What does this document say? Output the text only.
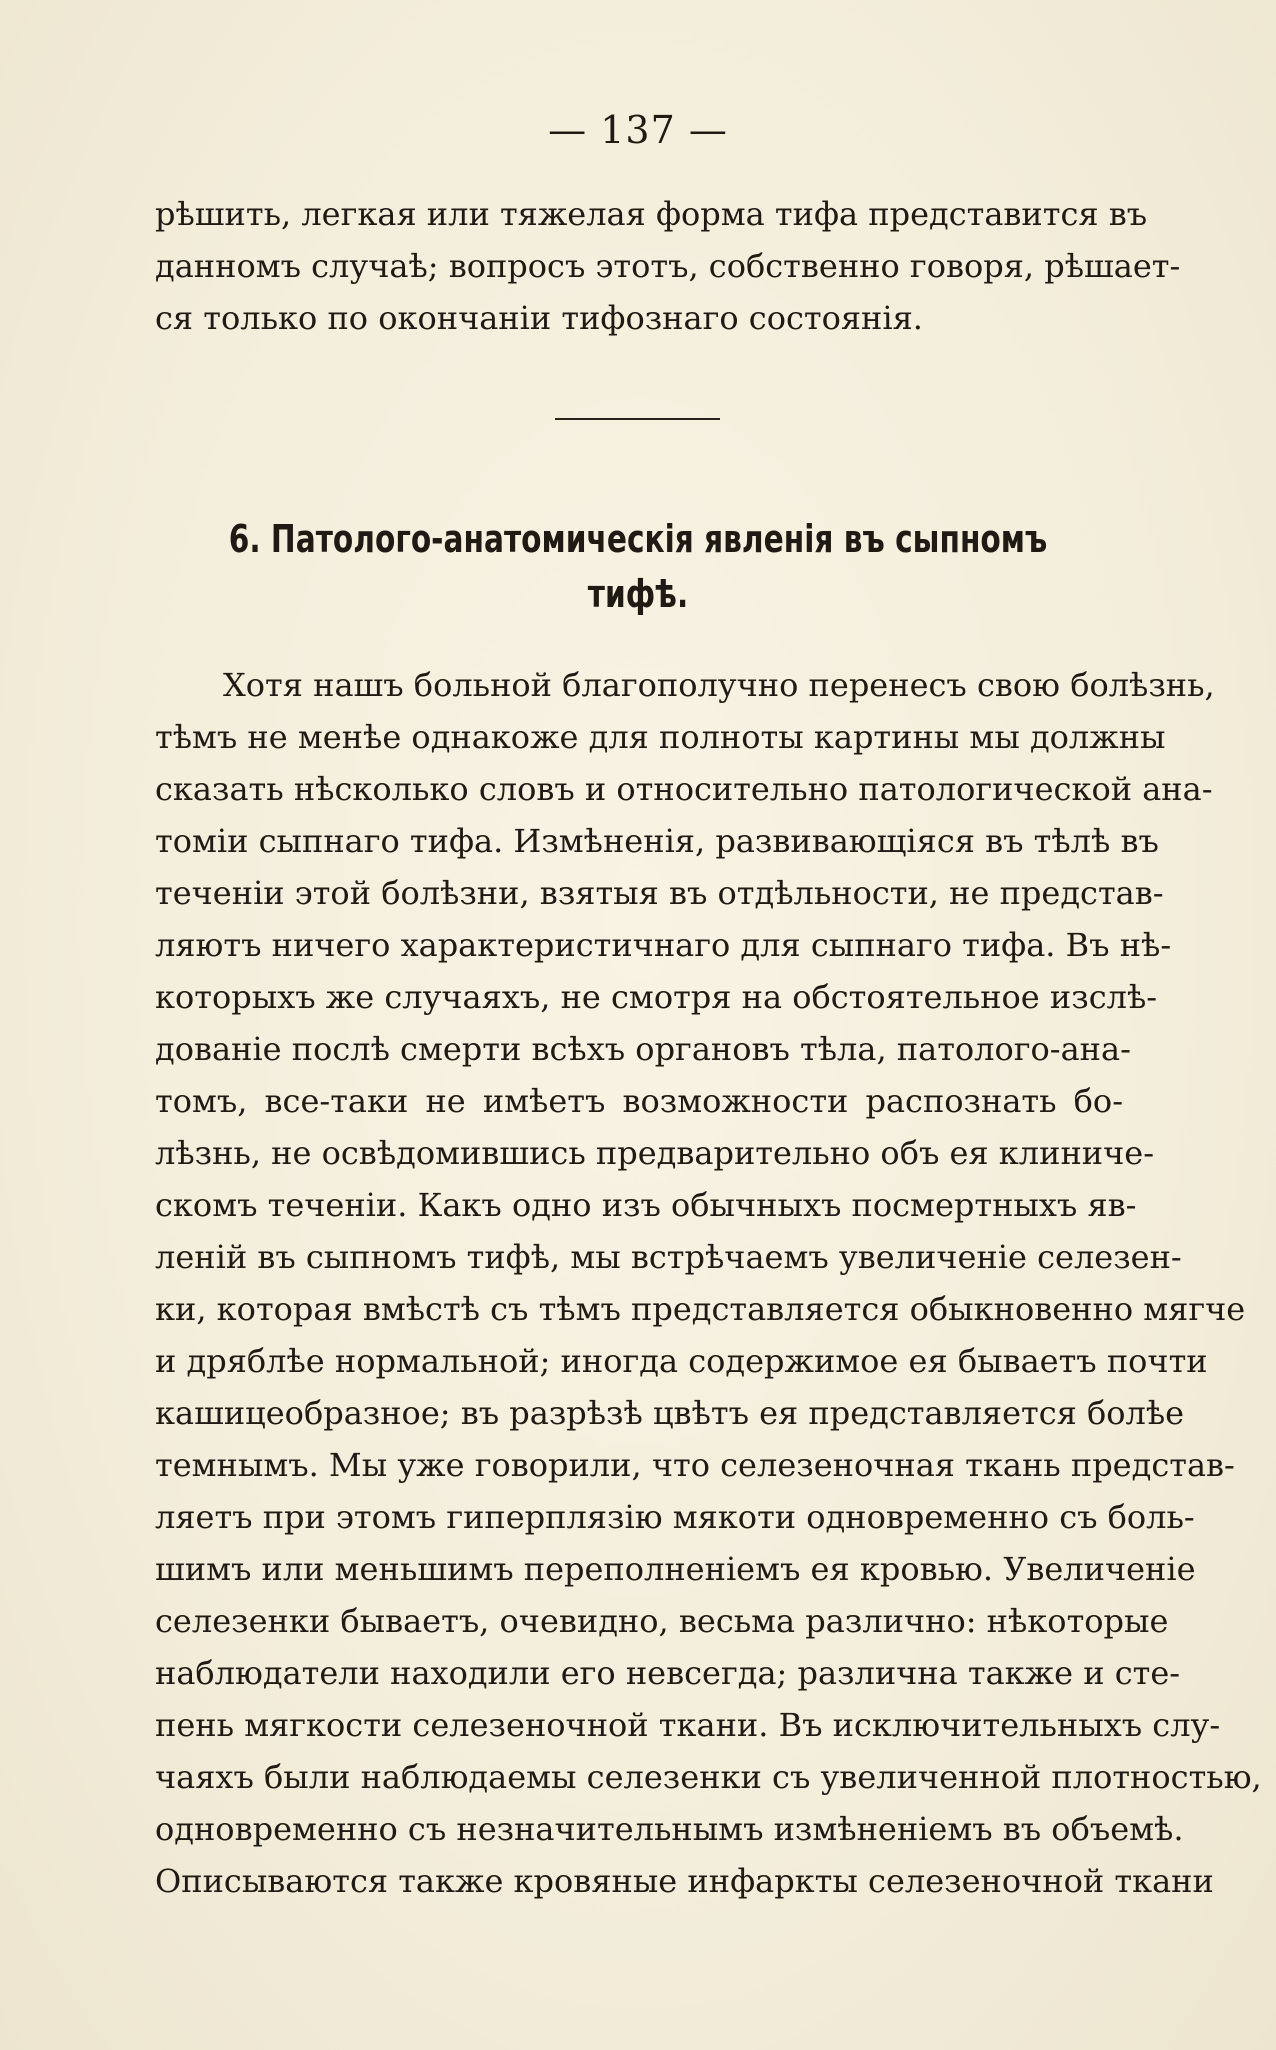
— 137 —
рѣшить, легкая или тяжелая форма тифа представится въ
данномъ случаѣ; вопросъ этотъ, собственно говоря, рѣшает-
ся только по окончаніи тифознаго состоянія.
6. Патолого-анатомическія явленія въ сыпномъ
тифѣ.
Хотя нашъ больной благополучно перенесъ свою болѣзнь,
тѣмъ не менѣе однакоже для полноты картины мы должны
сказать нѣсколько словъ и относительно патологической ана-
томіи сыпнаго тифа. Измѣненія, развивающіяся въ тѣлѣ въ
теченіи этой болѣзни, взятыя въ отдѣльности, не представ-
ляютъ ничего характеристичнаго для сыпнаго тифа. Въ нѣ-
которыхъ же случаяхъ, не смотря на обстоятельное изслѣ-
дованіе послѣ смерти всѣхъ органовъ тѣла, патолого-ана-
томъ, все-таки не имѣетъ возможности распознать бо-
лѣзнь, не освѣдомившись предварительно объ ея клиниче-
скомъ теченіи. Какъ одно изъ обычныхъ посмертныхъ яв-
леній въ сыпномъ тифѣ, мы встрѣчаемъ увеличеніе селезен-
ки, которая вмѣстѣ съ тѣмъ представляется обыкновенно мягче
и дряблѣе нормальной; иногда содержимое ея бываетъ почти
кашицеобразное; въ разрѣзѣ цвѣтъ ея представляется болѣе
темнымъ. Мы уже говорили, что селезеночная ткань представ-
ляетъ при этомъ гиперплязію мякоти одновременно съ боль-
шимъ или меньшимъ переполненіемъ ея кровью. Увеличеніе
селезенки бываетъ, очевидно, весьма различно: нѣкоторые
наблюдатели находили его невсегда; различна также и сте-
пень мягкости селезеночной ткани. Въ исключительныхъ слу-
чаяхъ были наблюдаемы селезенки съ увеличенной плотностью,
одновременно съ незначительнымъ измѣненіемъ въ объемѣ.
Описываются также кровяные инфаркты селезеночной ткани
